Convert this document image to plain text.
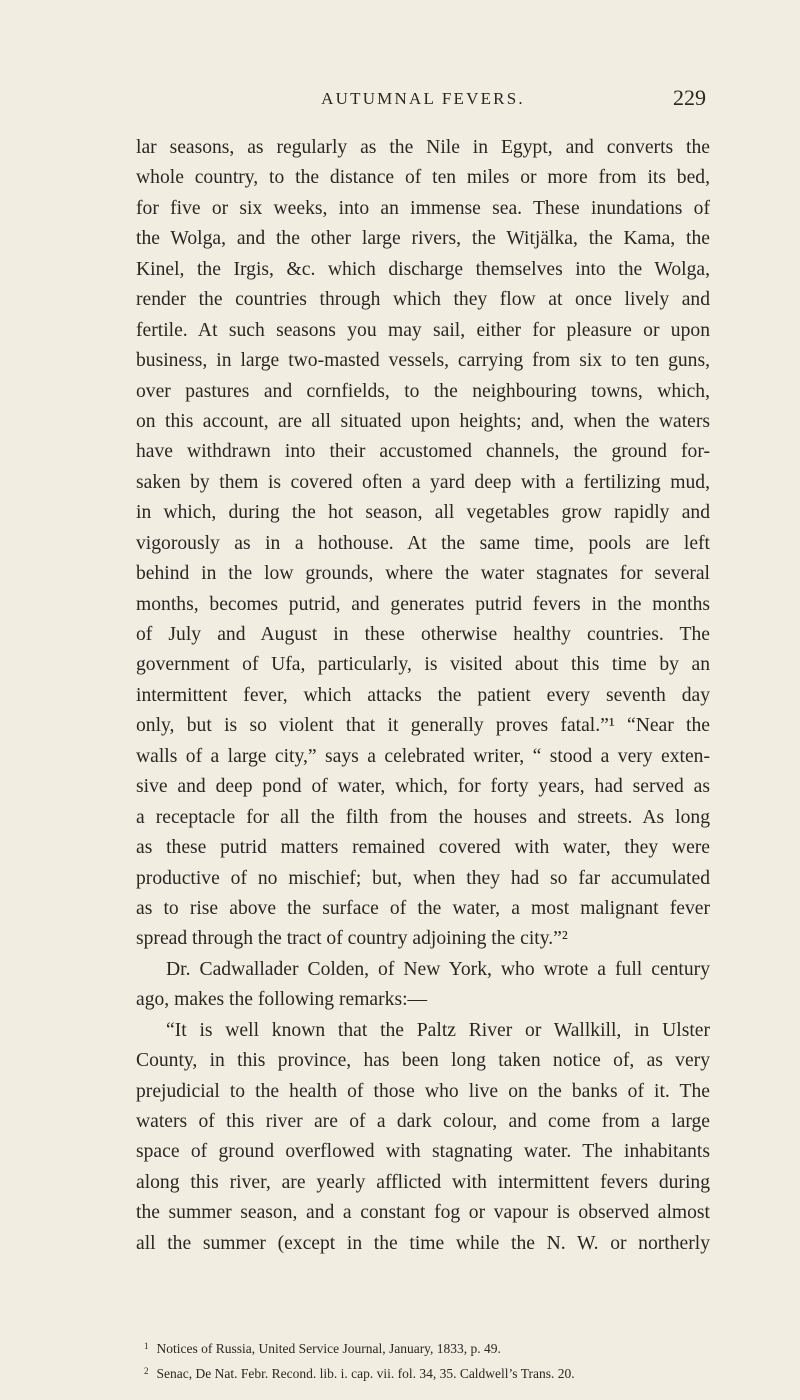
AUTUMNAL FEVERS.	229
lar seasons, as regularly as the Nile in Egypt, and converts the
whole country, to the distance of ten miles or more from its bed,
for five or six weeks, into an immense sea. These inundations of
the Wolga, and the other large rivers, the Witjälka, the Kama, the
Kinel, the Irgis, &c. which discharge themselves into the Wolga,
render the countries through which they flow at once lively and
fertile. At such seasons you may sail, either for pleasure or upon
business, in large two-masted vessels, carrying from six to ten guns,
over pastures and cornfields, to the neighbouring towns, which,
on this account, are all situated upon heights; and, when the waters
have withdrawn into their accustomed channels, the ground for-
saken by them is covered often a yard deep with a fertilizing mud,
in which, during the hot season, all vegetables grow rapidly and
vigorously as in a hothouse. At the same time, pools are left
behind in the low grounds, where the water stagnates for several
months, becomes putrid, and generates putrid fevers in the months
of July and August in these otherwise healthy countries. The
government of Ufa, particularly, is visited about this time by an
intermittent fever, which attacks the patient every seventh day
only, but is so violent that it generally proves fatal.”¹ “Near the
walls of a large city,” says a celebrated writer, “ stood a very exten-
sive and deep pond of water, which, for forty years, had served as
a receptacle for all the filth from the houses and streets. As long
as these putrid matters remained covered with water, they were
productive of no mischief; but, when they had so far accumulated
as to rise above the surface of the water, a most malignant fever
spread through the tract of country adjoining the city.”²
Dr. Cadwallader Colden, of New York, who wrote a full century
ago, makes the following remarks:—
“It is well known that the Paltz River or Wallkill, in Ulster
County, in this province, has been long taken notice of, as very
prejudicial to the health of those who live on the banks of it. The
waters of this river are of a dark colour, and come from a large
space of ground overflowed with stagnating water. The inhabitants
along this river, are yearly afflicted with intermittent fevers during
the summer season, and a constant fog or vapour is observed almost
all the summer (except in the time while the N. W. or northerly
$^1$ Notices of Russia, United Service Journal, January, 1833, p. 49.
$^2$ Senac, De Nat. Febr. Recond. lib. i. cap. vii. fol. 34, 35. Caldwell’s Trans. 20.
